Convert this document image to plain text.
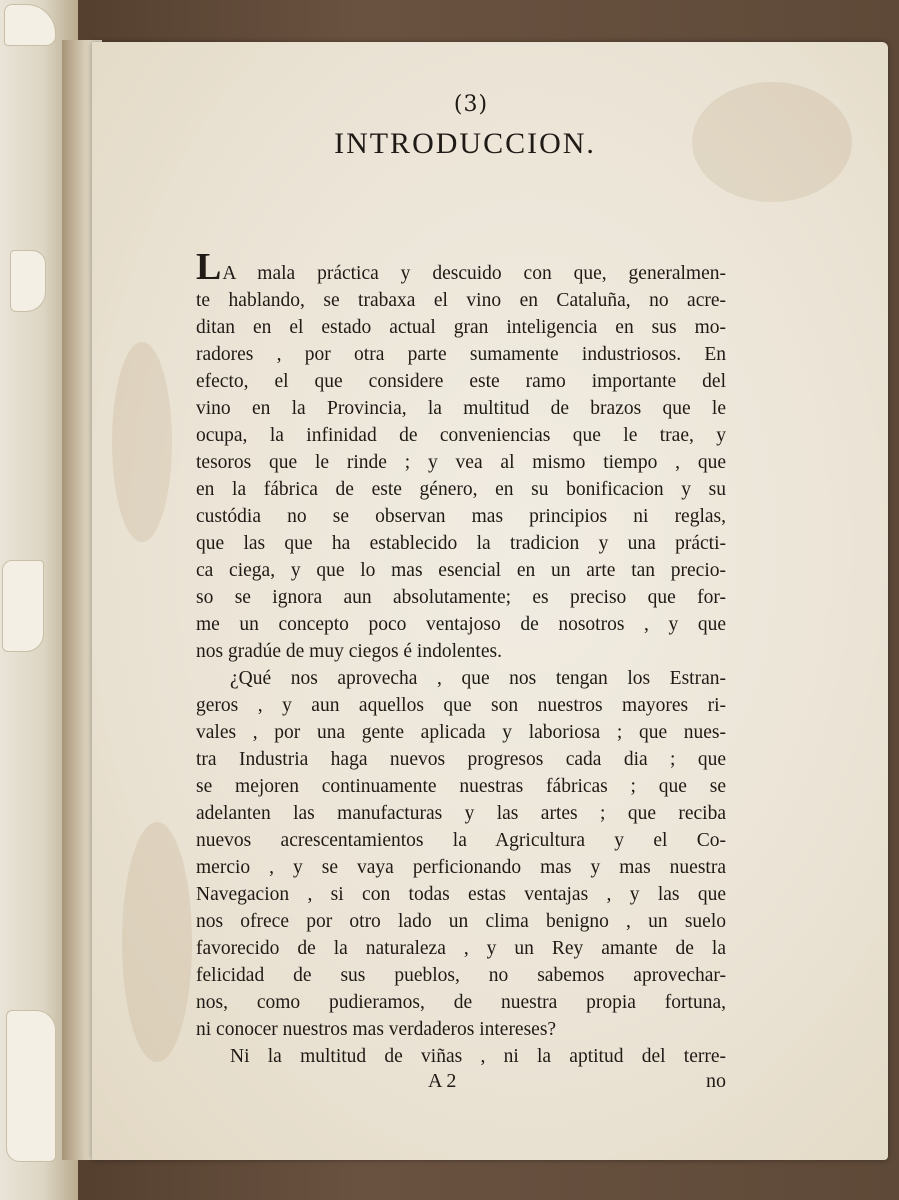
(3)
INTRODUCCION.

LA mala práctica y descuido con que, generalmen-
te hablando, se trabaxa el vino en Cataluña, no acre-
ditan en el estado actual gran inteligencia en sus mo-
radores , por otra parte sumamente industriosos. En
efecto, el que considere este ramo importante del
vino en la Provincia, la multitud de brazos que le
ocupa, la infinidad de conveniencias que le trae, y
tesoros que le rinde ; y vea al mismo tiempo , que
en la fábrica de este género, en su bonificacion y su
custódia no se observan mas principios ni reglas,
que las que ha establecido la tradicion y una prácti-
ca ciega, y que lo mas esencial en un arte tan precio-
so se ignora aun absolutamente; es preciso que for-
me un concepto poco ventajoso de nosotros , y que
nos gradúe de muy ciegos é indolentes.

¿Qué nos aprovecha , que nos tengan los Estran-
geros , y aun aquellos que son nuestros mayores ri-
vales , por una gente aplicada y laboriosa ; que nues-
tra Industria haga nuevos progresos cada dia ; que
se mejoren continuamente nuestras fábricas ; que se
adelanten las manufacturas y las artes ; que reciba
nuevos acrescentamientos la Agricultura y el Co-
mercio , y se vaya perficionando mas y mas nuestra
Navegacion , si con todas estas ventajas , y las que
nos ofrece por otro lado un clima benigno , un suelo
favorecido de la naturaleza , y un Rey amante de la
felicidad de sus pueblos, no sabemos aprovechar-
nos, como pudieramos, de nuestra propia fortuna,
ni conocer nuestros mas verdaderos intereses?

Ni la multitud de viñas , ni la aptitud del terre-

A 2	no
